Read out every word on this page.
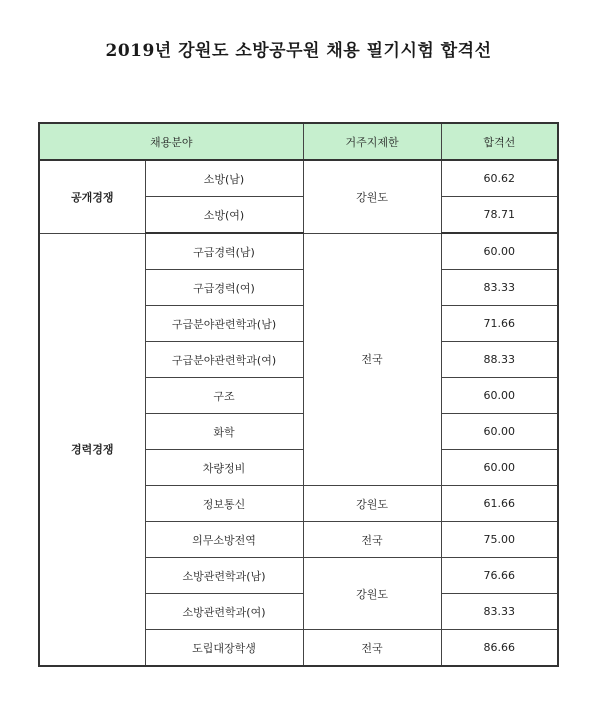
2019년 강원도 소방공무원 채용 필기시험 합격선
채용분야		거주지제한	합격선
공개경쟁	소방(남)	강원도	60.62
	소방(여)		78.71
경력경쟁	구급경력(남)	전국	60.00
	구급경력(여)		83.33
	구급분야관련학과(남)		71.66
	구급분야관련학과(여)		88.33
	구조		60.00
	화학		60.00
	차량정비		60.00
	정보통신	강원도	61.66
	의무소방전역	전국	75.00
	소방관련학과(남)	강원도	76.66
	소방관련학과(여)		83.33
	도립대장학생	전국	86.66
